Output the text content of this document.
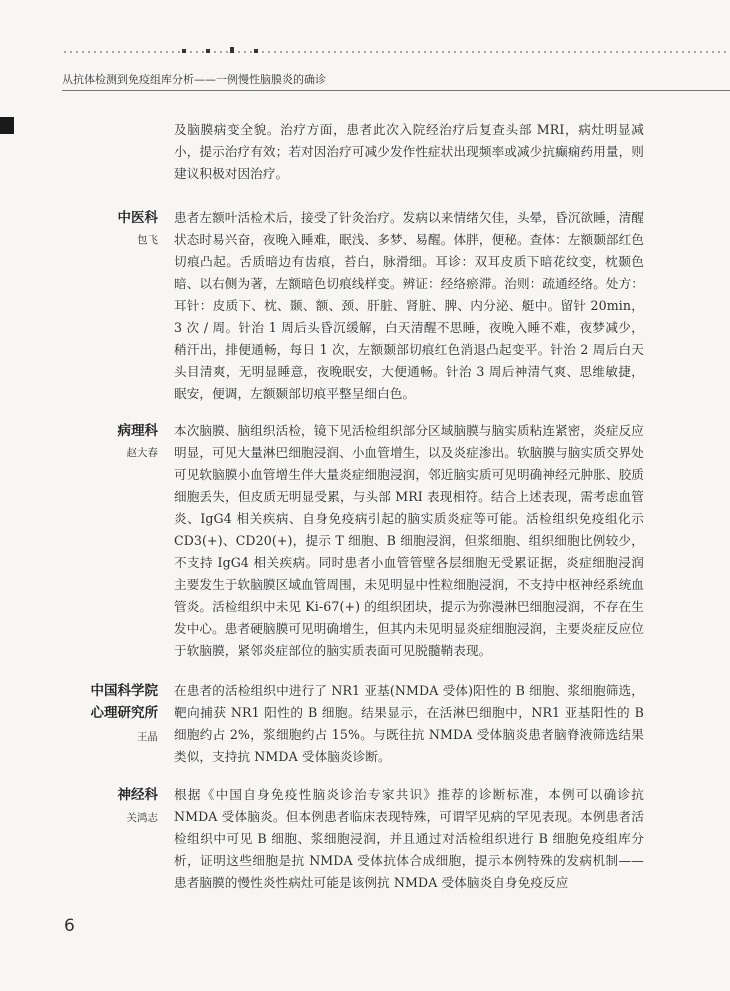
从抗体检测到免疫组库分析——一例慢性脑膜炎的确诊
及脑膜病变全貌。治疗方面，患者此次入院经治疗后复查头部 MRI，病灶明显减小，提示治疗有效；若对因治疗可减少发作性症状出现频率或减少抗癫痫药用量，则建议积极对因治疗。
中医科
包飞
患者左额叶活检术后，接受了针灸治疗。发病以来情绪欠佳，头晕，昏沉欲睡，清醒状态时易兴奋，夜晚入睡难，眠浅、多梦、易醒。体胖，便秘。查体：左额颞部红色切痕凸起。舌质暗边有齿痕，苔白，脉滑细。耳诊：双耳皮质下暗花纹变，枕颞色暗、以右侧为著，左额暗色切痕线样变。辨证：经络瘀滞。治则：疏通经络。处方：耳针：皮质下、枕、颞、额、颈、肝脏、肾脏、脾、内分泌、艇中。留针 20min，3 次 / 周。针治 1 周后头昏沉缓解，白天清醒不思睡，夜晚入睡不难，夜梦减少，稍汗出，排便通畅，每日 1 次，左额颞部切痕红色消退凸起变平。针治 2 周后白天头目清爽，无明显睡意，夜晚眠安，大便通畅。针治 3 周后神清气爽、思维敏捷，眠安，便调，左额颞部切痕平整呈细白色。
病理科
赵大春
本次脑膜、脑组织活检，镜下见活检组织部分区域脑膜与脑实质粘连紧密，炎症反应明显，可见大量淋巴细胞浸润、小血管增生，以及炎症渗出。软脑膜与脑实质交界处可见软脑膜小血管增生伴大量炎症细胞浸润，邻近脑实质可见明确神经元肿胀、胶质细胞丢失，但皮质无明显受累，与头部 MRI 表现相符。结合上述表现，需考虑血管炎、IgG4 相关疾病、自身免疫病引起的脑实质炎症等可能。活检组织免疫组化示 CD3(+)、CD20(+)，提示 T 细胞、B 细胞浸润，但浆细胞、组织细胞比例较少，不支持 IgG4 相关疾病。同时患者小血管管壁各层细胞无受累证据，炎症细胞浸润主要发生于软脑膜区域血管周围，未见明显中性粒细胞浸润，不支持中枢神经系统血管炎。活检组织中未见 Ki-67(+) 的组织团块，提示为弥漫淋巴细胞浸润，不存在生发中心。患者硬脑膜可见明确增生，但其内未见明显炎症细胞浸润，主要炎症反应位于软脑膜，紧邻炎症部位的脑实质表面可见脱髓鞘表现。
中国科学院
心理研究所
王晶
在患者的活检组织中进行了 NR1 亚基(NMDA 受体)阳性的 B 细胞、浆细胞筛选，靶向捕获 NR1 阳性的 B 细胞。结果显示，在活淋巴细胞中，NR1 亚基阳性的 B 细胞约占 2%，浆细胞约占 15%。与既往抗 NMDA 受体脑炎患者脑脊液筛选结果类似，支持抗 NMDA 受体脑炎诊断。
神经科
关鸿志
根据《中国自身免疫性脑炎诊治专家共识》推荐的诊断标准，本例可以确诊抗 NMDA 受体脑炎。但本例患者临床表现特殊，可谓罕见病的罕见表现。本例患者活检组织中可见 B 细胞、浆细胞浸润，并且通过对活检组织进行 B 细胞免疫组库分析，证明这些细胞是抗 NMDA 受体抗体合成细胞，提示本例特殊的发病机制——患者脑膜的慢性炎性病灶可能是该例抗 NMDA 受体脑炎自身免疫反应
6
